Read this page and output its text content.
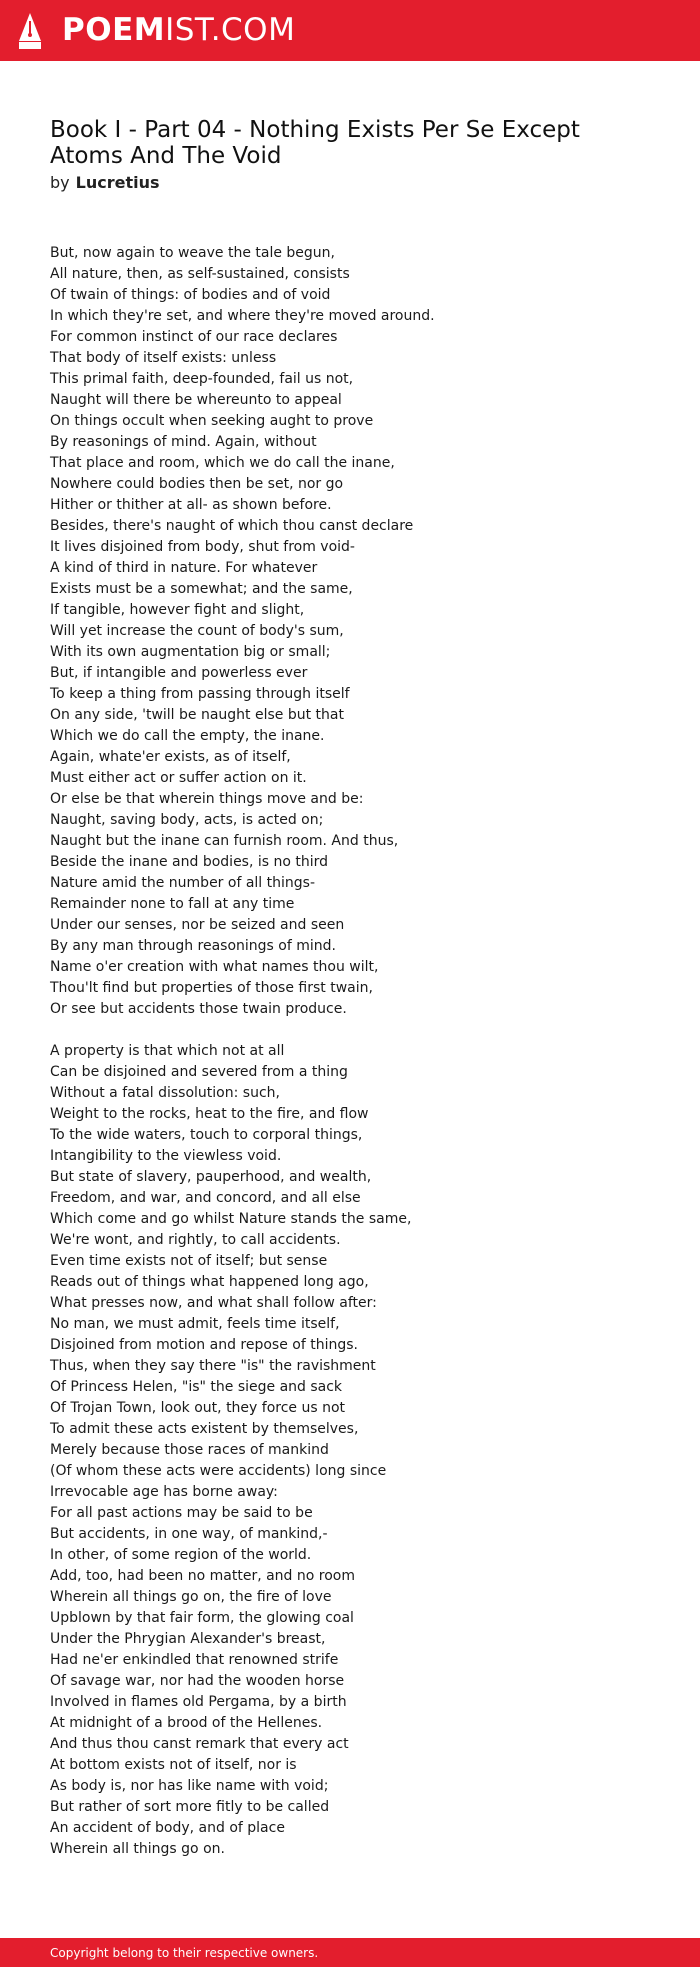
POEMIST.COM
Book I - Part 04 - Nothing Exists Per Se Except Atoms And The Void
by Lucretius
But, now again to weave the tale begun,
All nature, then, as self-sustained, consists
Of twain of things: of bodies and of void
In which they're set, and where they're moved around.
For common instinct of our race declares
That body of itself exists: unless
This primal faith, deep-founded, fail us not,
Naught will there be whereunto to appeal
On things occult when seeking aught to prove
By reasonings of mind. Again, without
That place and room, which we do call the inane,
Nowhere could bodies then be set, nor go
Hither or thither at all- as shown before.
Besides, there's naught of which thou canst declare
It lives disjoined from body, shut from void-
A kind of third in nature. For whatever
Exists must be a somewhat; and the same,
If tangible, however fight and slight,
Will yet increase the count of body's sum,
With its own augmentation big or small;
But, if intangible and powerless ever
To keep a thing from passing through itself
On any side, 'twill be naught else but that
Which we do call the empty, the inane.
Again, whate'er exists, as of itself,
Must either act or suffer action on it.
Or else be that wherein things move and be:
Naught, saving body, acts, is acted on;
Naught but the inane can furnish room. And thus,
Beside the inane and bodies, is no third
Nature amid the number of all things-
Remainder none to fall at any time
Under our senses, nor be seized and seen
By any man through reasonings of mind.
Name o'er creation with what names thou wilt,
Thou'lt find but properties of those first twain,
Or see but accidents those twain produce.
A property is that which not at all
Can be disjoined and severed from a thing
Without a fatal dissolution: such,
Weight to the rocks, heat to the fire, and flow
To the wide waters, touch to corporal things,
Intangibility to the viewless void.
But state of slavery, pauperhood, and wealth,
Freedom, and war, and concord, and all else
Which come and go whilst Nature stands the same,
We're wont, and rightly, to call accidents.
Even time exists not of itself; but sense
Reads out of things what happened long ago,
What presses now, and what shall follow after:
No man, we must admit, feels time itself,
Disjoined from motion and repose of things.
Thus, when they say there "is" the ravishment
Of Princess Helen, "is" the siege and sack
Of Trojan Town, look out, they force us not
To admit these acts existent by themselves,
Merely because those races of mankind
(Of whom these acts were accidents) long since
Irrevocable age has borne away:
For all past actions may be said to be
But accidents, in one way, of mankind,-
In other, of some region of the world.
Add, too, had been no matter, and no room
Wherein all things go on, the fire of love
Upblown by that fair form, the glowing coal
Under the Phrygian Alexander's breast,
Had ne'er enkindled that renowned strife
Of savage war, nor had the wooden horse
Involved in flames old Pergama, by a birth
At midnight of a brood of the Hellenes.
And thus thou canst remark that every act
At bottom exists not of itself, nor is
As body is, nor has like name with void;
But rather of sort more fitly to be called
An accident of body, and of place
Wherein all things go on.
Copyright belong to their respective owners.
